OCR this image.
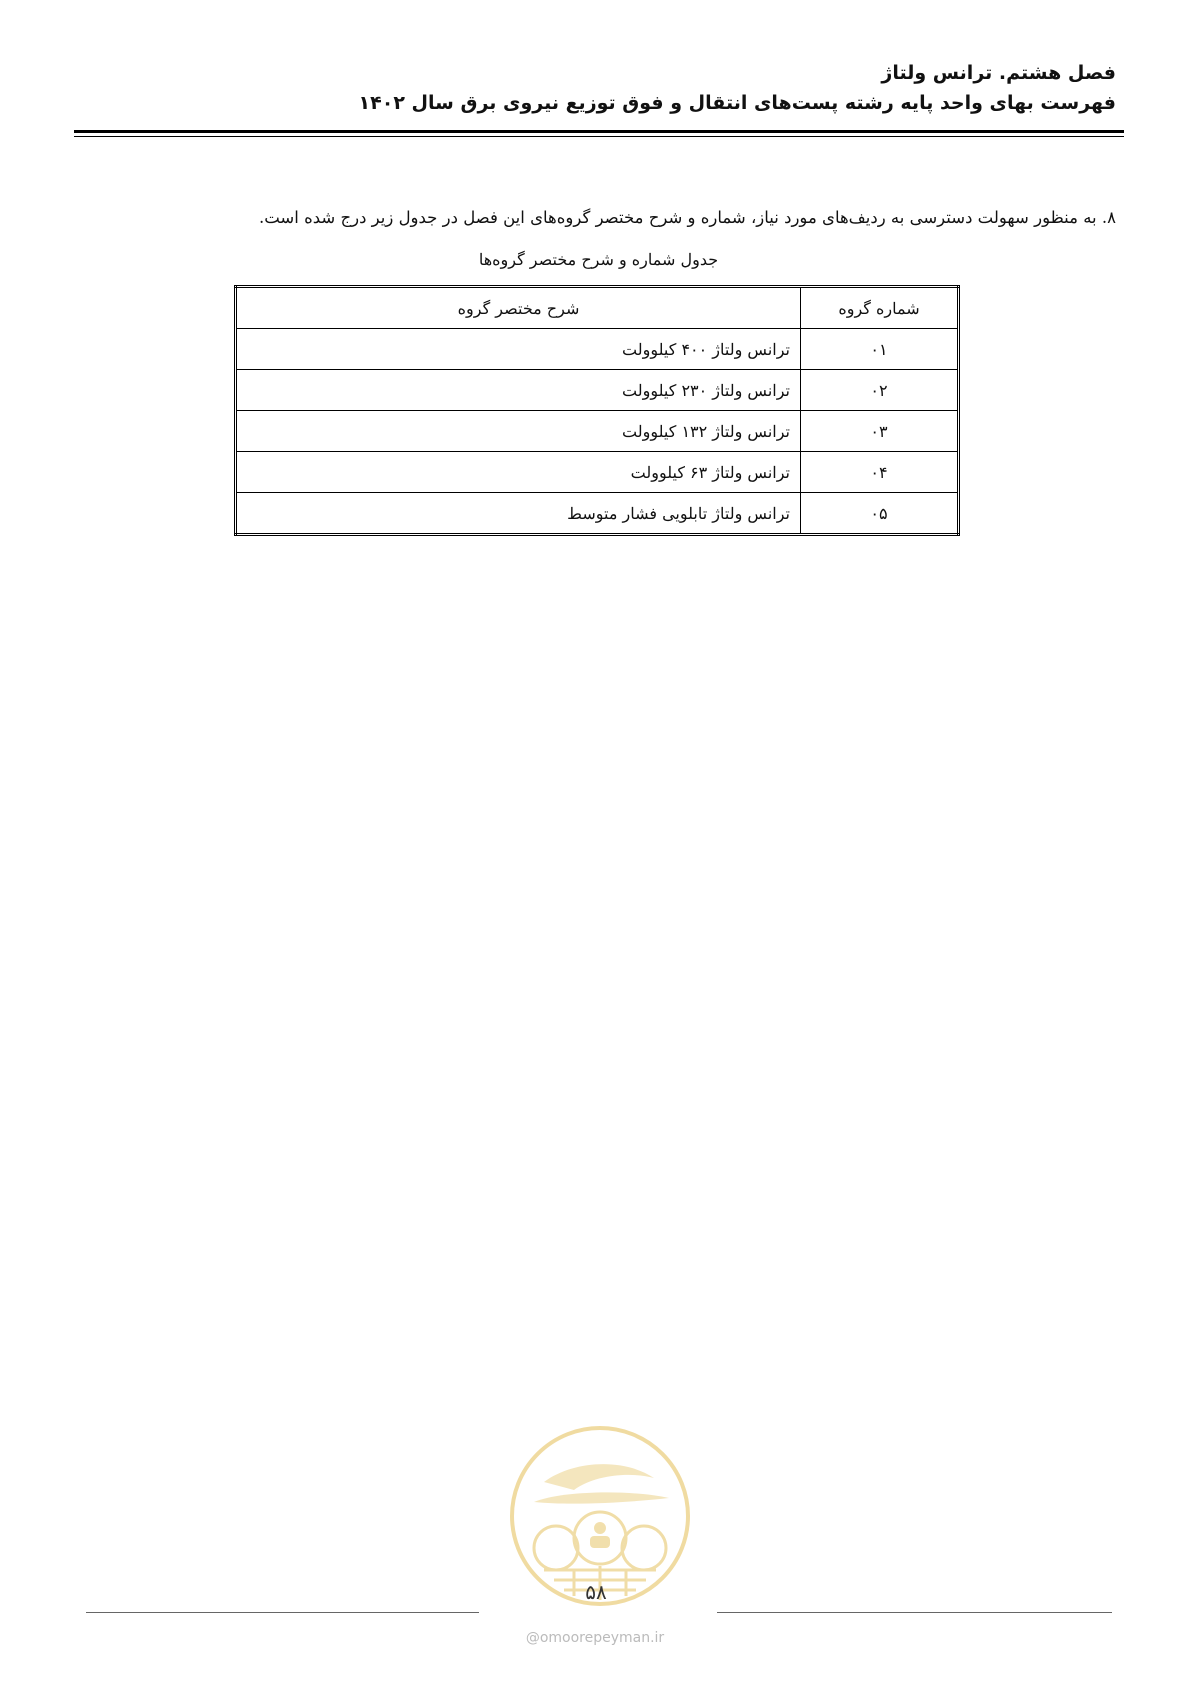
فصل هشتم. ترانس ولتاژ
فهرست بهای واحد پایه رشته پست‌های انتقال و فوق توزیع نیروی برق سال ۱۴۰۲
۸. به منظور سهولت دسترسی به ردیف‌های مورد نیاز، شماره و شرح مختصر گروه‌های این فصل در جدول زیر درج شده است.
جدول شماره و شرح مختصر گروه‌ها
شماره گروه	شرح مختصر گروه
۰۱	ترانس ولتاژ ۴۰۰ کیلوولت
۰۲	ترانس ولتاژ ۲۳۰ کیلوولت
۰۳	ترانس ولتاژ ۱۳۲ کیلوولت
۰۴	ترانس ولتاژ ۶۳ کیلوولت
۰۵	ترانس ولتاژ تابلویی فشار متوسط
۵۸
@omoorepeyman.ir
